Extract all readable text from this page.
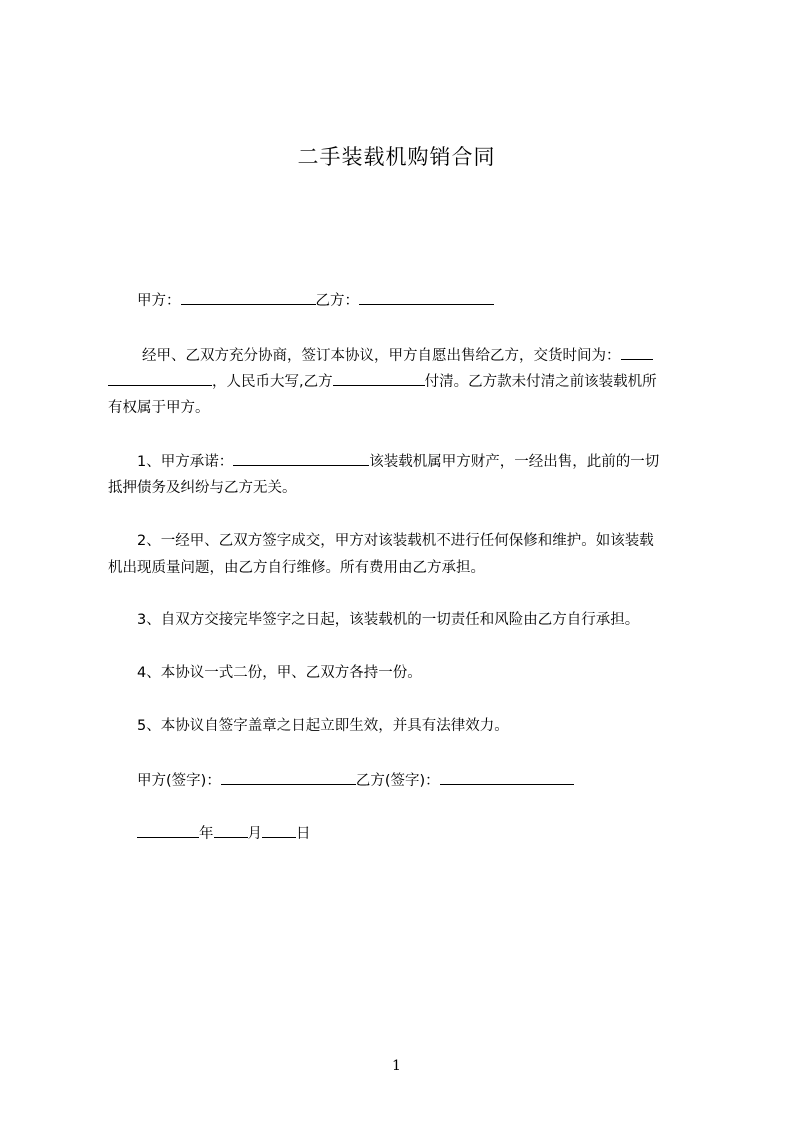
二手装载机购销合同
甲方：	乙方：
经甲、乙双方充分协商，签订本协议，甲方自愿出售给乙方，交货时间为：
，人民币大写,乙方	付清。乙方款未付清之前该装载机所
有权属于甲方。
1、甲方承诺：	该装载机属甲方财产，一经出售，此前的一切
抵押债务及纠纷与乙方无关。
2、一经甲、乙双方签字成交，甲方对该装载机不进行任何保修和维护。如该装载
机出现质量问题，由乙方自行维修。所有费用由乙方承担。
3、自双方交接完毕签字之日起，该装载机的一切责任和风险由乙方自行承担。
4、本协议一式二份，甲、乙双方各持一份。
5、本协议自签字盖章之日起立即生效，并具有法律效力。
甲方(签字)：	乙方(签字)：
年 月 日
1
